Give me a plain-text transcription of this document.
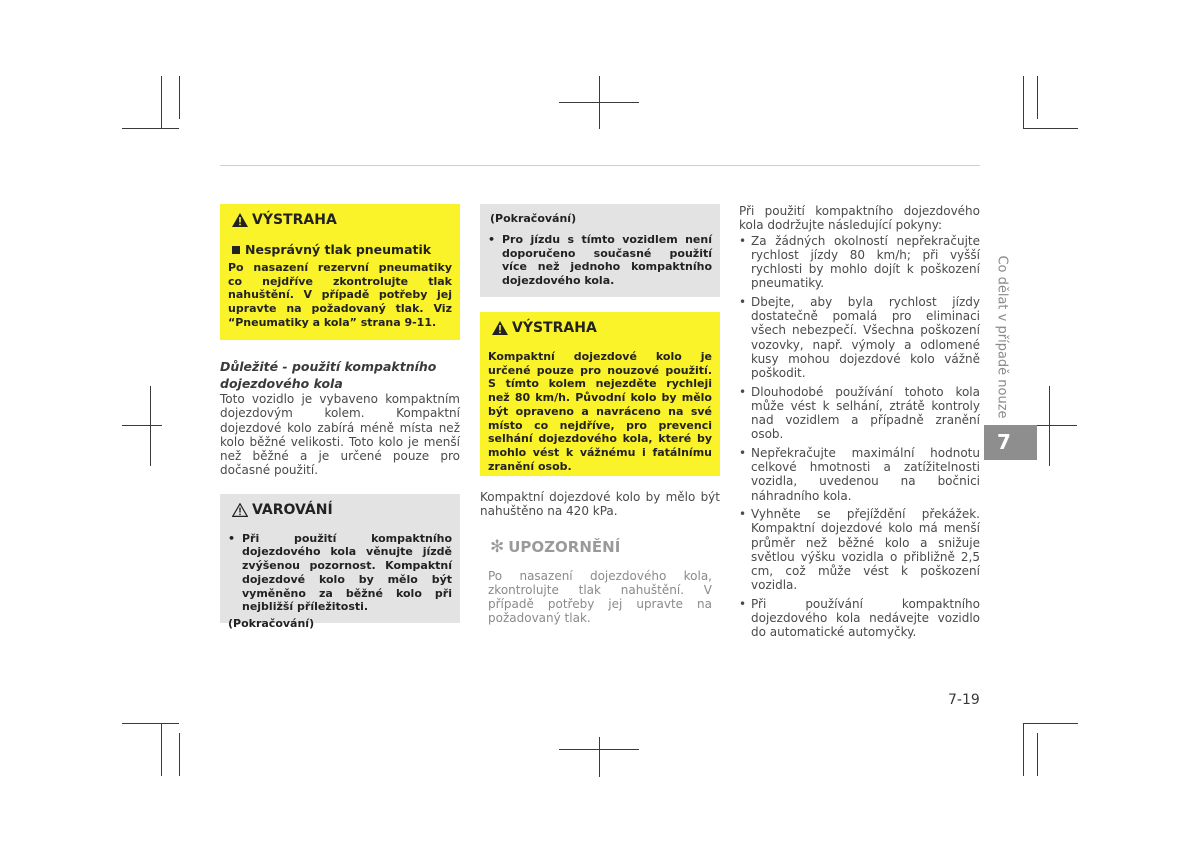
VÝSTRAHA
Nesprávný tlak pneumatik
Po nasazení rezervní pneumatiky co nejdříve zkontrolujte tlak nahuštění. V případě potřeby jej upravte na požadovaný tlak. Viz “Pneumatiky a kola” strana 9-11.
Důležité - použití kompaktního dojezdového kola
Toto vozidlo je vybaveno kompaktním dojezdovým kolem. Kompaktní dojezdové kolo zabírá méně místa než kolo běžné velikosti. Toto kolo je menší než běžné a je určené pouze pro dočasné použití.
VAROVÁNÍ
• Při použití kompaktního dojezdového kola věnujte jízdě zvýšenou pozornost. Kompaktní dojezdové kolo by mělo být vyměněno za běžné kolo při nejbližší příležitosti.
(Pokračování)
(Pokračování)
• Pro jízdu s tímto vozidlem není doporučeno současné použití více než jednoho kompaktního dojezdového kola.
VÝSTRAHA
Kompaktní dojezdové kolo je určené pouze pro nouzové použití. S tímto kolem nejezděte rychleji než 80 km/h. Původní kolo by mělo být opraveno a navráceno na své místo co nejdříve, pro prevenci selhání dojezdového kola, které by mohlo vést k vážnému i fatálnímu zranění osob.
Kompaktní dojezdové kolo by mělo být nahuštěno na 420 kPa.
✻ UPOZORNĚNÍ
Po nasazení dojezdového kola, zkontrolujte tlak nahuštění. V případě potřeby jej upravte na požadovaný tlak.
Při použití kompaktního dojezdového kola dodržujte následující pokyny:
• Za žádných okolností nepřekračujte rychlost jízdy 80 km/h; při vyšší rychlosti by mohlo dojít k poškození pneumatiky.
• Dbejte, aby byla rychlost jízdy dostatečně pomalá pro eliminaci všech nebezpečí. Všechna poškození vozovky, např. výmoly a odlomené kusy mohou dojezdové kolo vážně poškodit.
• Dlouhodobé používání tohoto kola může vést k selhání, ztrátě kontroly nad vozidlem a případně zranění osob.
• Nepřekračujte maximální hodnotu celkové hmotnosti a zatížitelnosti vozidla, uvedenou na bočnici náhradního kola.
• Vyhněte se přejíždění překážek. Kompaktní dojezdové kolo má menší průměr než běžné kolo a snižuje světlou výšku vozidla o přibližně 2,5 cm, což může vést k poškození vozidla.
• Při používání kompaktního dojezdového kola nedávejte vozidlo do automatické automyčky.
Co dělat v případě nouze
7
7-19
